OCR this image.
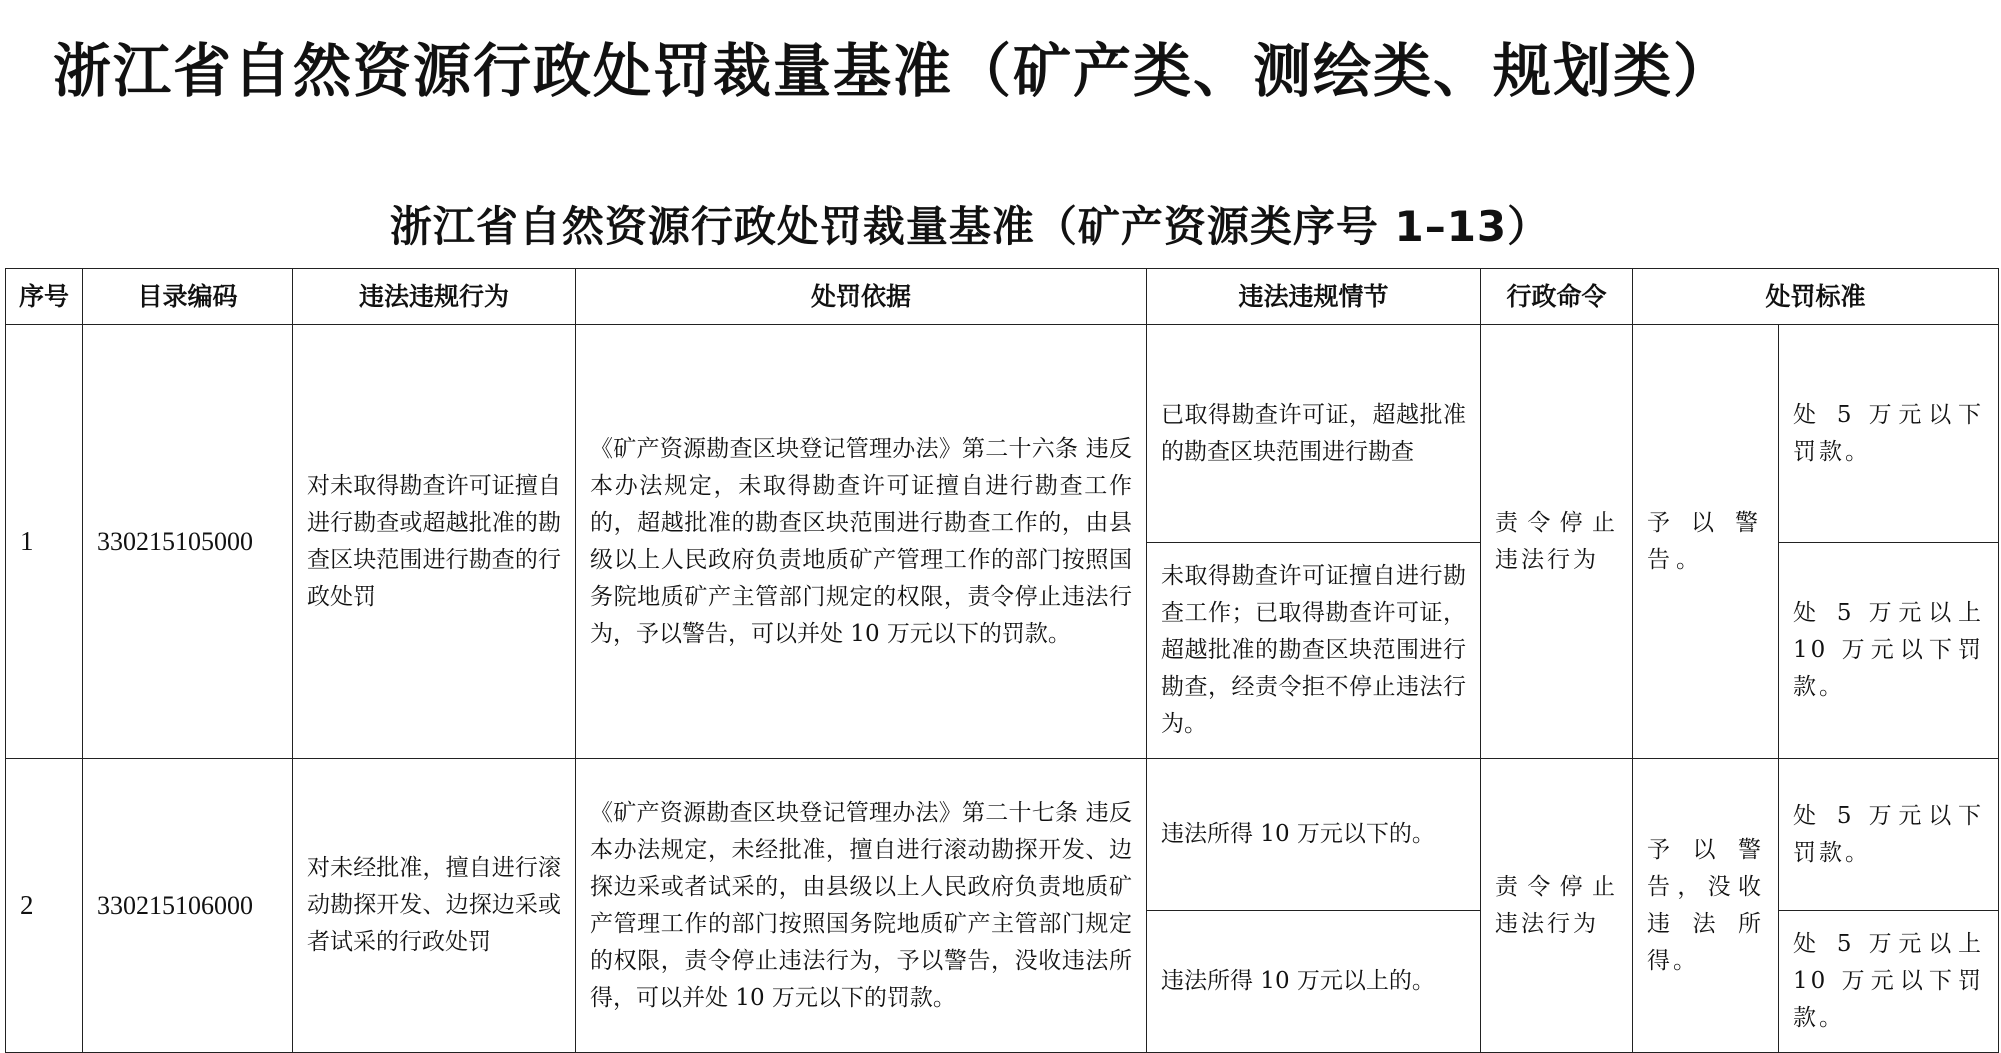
浙江省自然资源行政处罚裁量基准（矿产类、测绘类、规划类）
浙江省自然资源行政处罚裁量基准（矿产资源类序号 1–13）
序号	目录编码	违法违规行为	处罚依据	违法违规情节	行政命令	处罚标准	
1	330215105000	对未取得勘查许可证擅自进行勘查或超越批准的勘查区块范围进行勘查的行政处罚	《矿产资源勘查区块登记管理办法》第二十六条 违反本办法规定，未取得勘查许可证擅自进行勘查工作的，超越批准的勘查区块范围进行勘查工作的，由县级以上人民政府负责地质矿产管理工作的部门按照国务院地质矿产主管部门规定的权限，责令停止违法行为，予以警告，可以并处 10 万元以下的罚款。	已取得勘查许可证，超越批准的勘查区块范围进行勘查	责令停止违法行为	予以警告。	处 5 万元以下罚款。
				未取得勘查许可证擅自进行勘查工作；已取得勘查许可证，超越批准的勘查区块范围进行勘查，经责令拒不停止违法行为。			处 5 万元以上 10 万元以下罚款。
2	330215106000	对未经批准，擅自进行滚动勘探开发、边探边采或者试采的行政处罚	《矿产资源勘查区块登记管理办法》第二十七条 违反本办法规定，未经批准，擅自进行滚动勘探开发、边探边采或者试采的，由县级以上人民政府负责地质矿产管理工作的部门按照国务院地质矿产主管部门规定的权限，责令停止违法行为，予以警告，没收违法所得，可以并处 10 万元以下的罚款。	违法所得 10 万元以下的。	责令停止违法行为	予以警告，没收违法所得。	处 5 万元以下罚款。
				违法所得 10 万元以上的。			处 5 万元以上 10 万元以下罚款。
